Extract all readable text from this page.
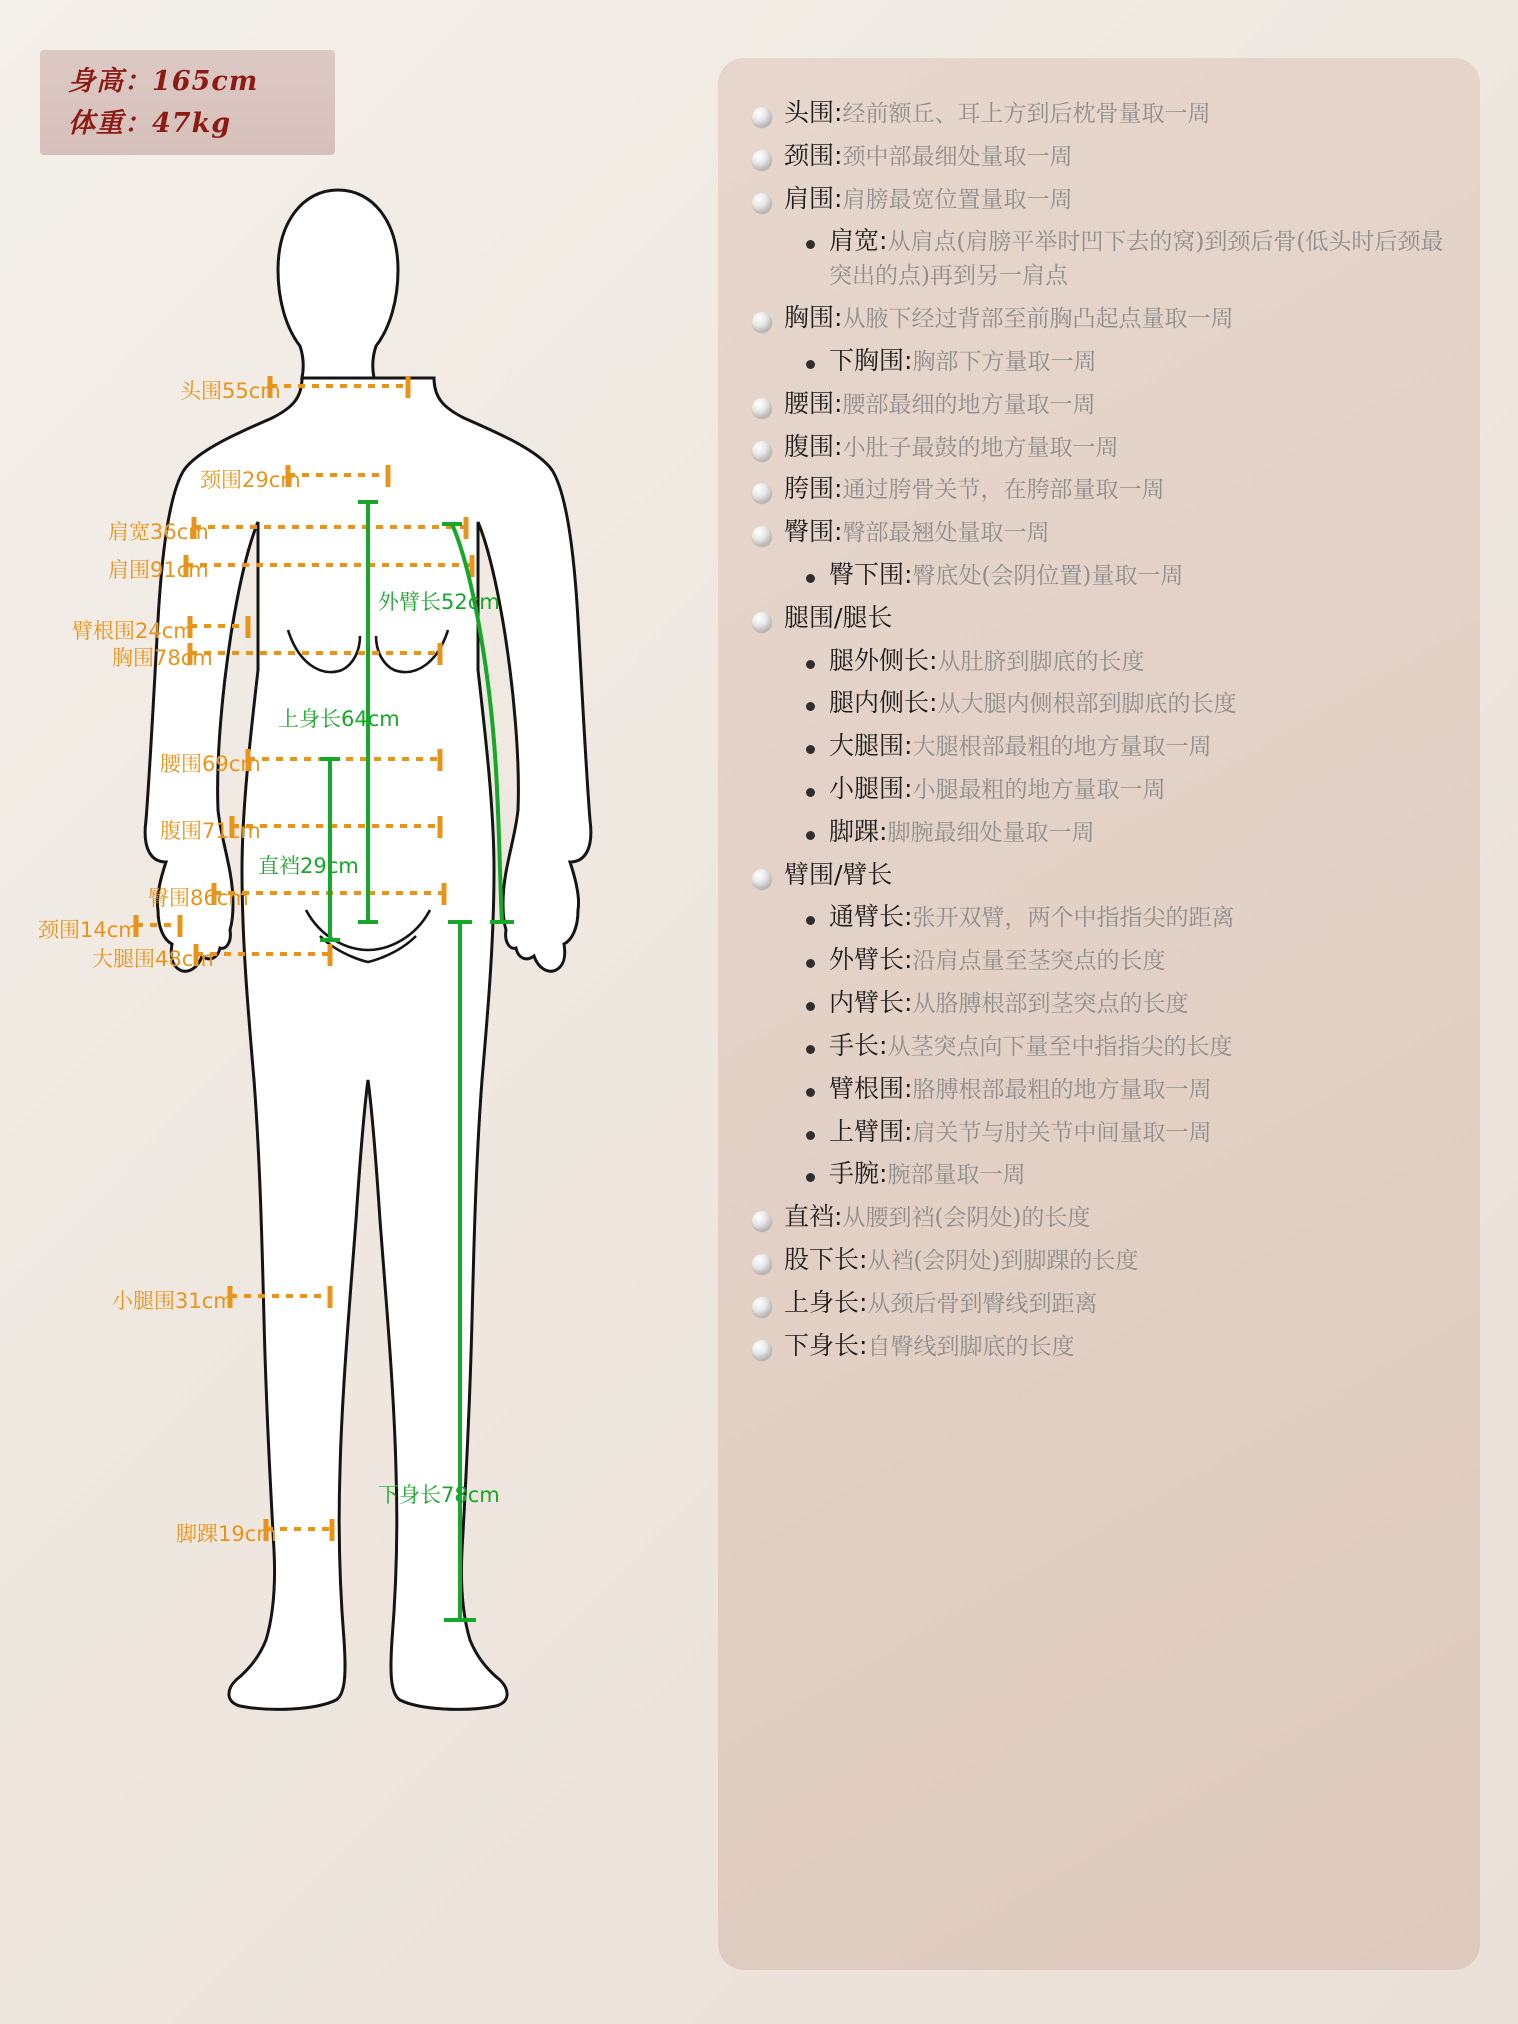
身高：165cm
体重：47kg
头围55cm
颈围29cm
肩宽36cm
肩围91cm
臂根围24cm
胸围78cm
腰围69cm
腹围71cm
臀围86cm
颈围14cm
大腿围48cm
小腿围31cm
脚踝19cm
外臂长52cm
上身长64cm
直裆29cm
下身长78cm
头围:经前额丘、耳上方到后枕骨量取一周
颈围:颈中部最细处量取一周
肩围:肩膀最宽位置量取一周
肩宽:从肩点(肩膀平举时凹下去的窝)到颈后骨(低头时后颈最突出的点)再到另一肩点
胸围:从腋下经过背部至前胸凸起点量取一周
下胸围:胸部下方量取一周
腰围:腰部最细的地方量取一周
腹围:小肚子最鼓的地方量取一周
胯围:通过胯骨关节，在胯部量取一周
臀围:臀部最翘处量取一周
臀下围:臀底处(会阴位置)量取一周
腿围/腿长
腿外侧长:从肚脐到脚底的长度
腿内侧长:从大腿内侧根部到脚底的长度
大腿围:大腿根部最粗的地方量取一周
小腿围:小腿最粗的地方量取一周
脚踝:脚腕最细处量取一周
臂围/臂长
通臂长:张开双臂，两个中指指尖的距离
外臂长:沿肩点量至茎突点的长度
内臂长:从胳膊根部到茎突点的长度
手长:从茎突点向下量至中指指尖的长度
臂根围:胳膊根部最粗的地方量取一周
上臂围:肩关节与肘关节中间量取一周
手腕:腕部量取一周
直裆:从腰到裆(会阴处)的长度
股下长:从裆(会阴处)到脚踝的长度
上身长:从颈后骨到臀线到距离
下身长:自臀线到脚底的长度
